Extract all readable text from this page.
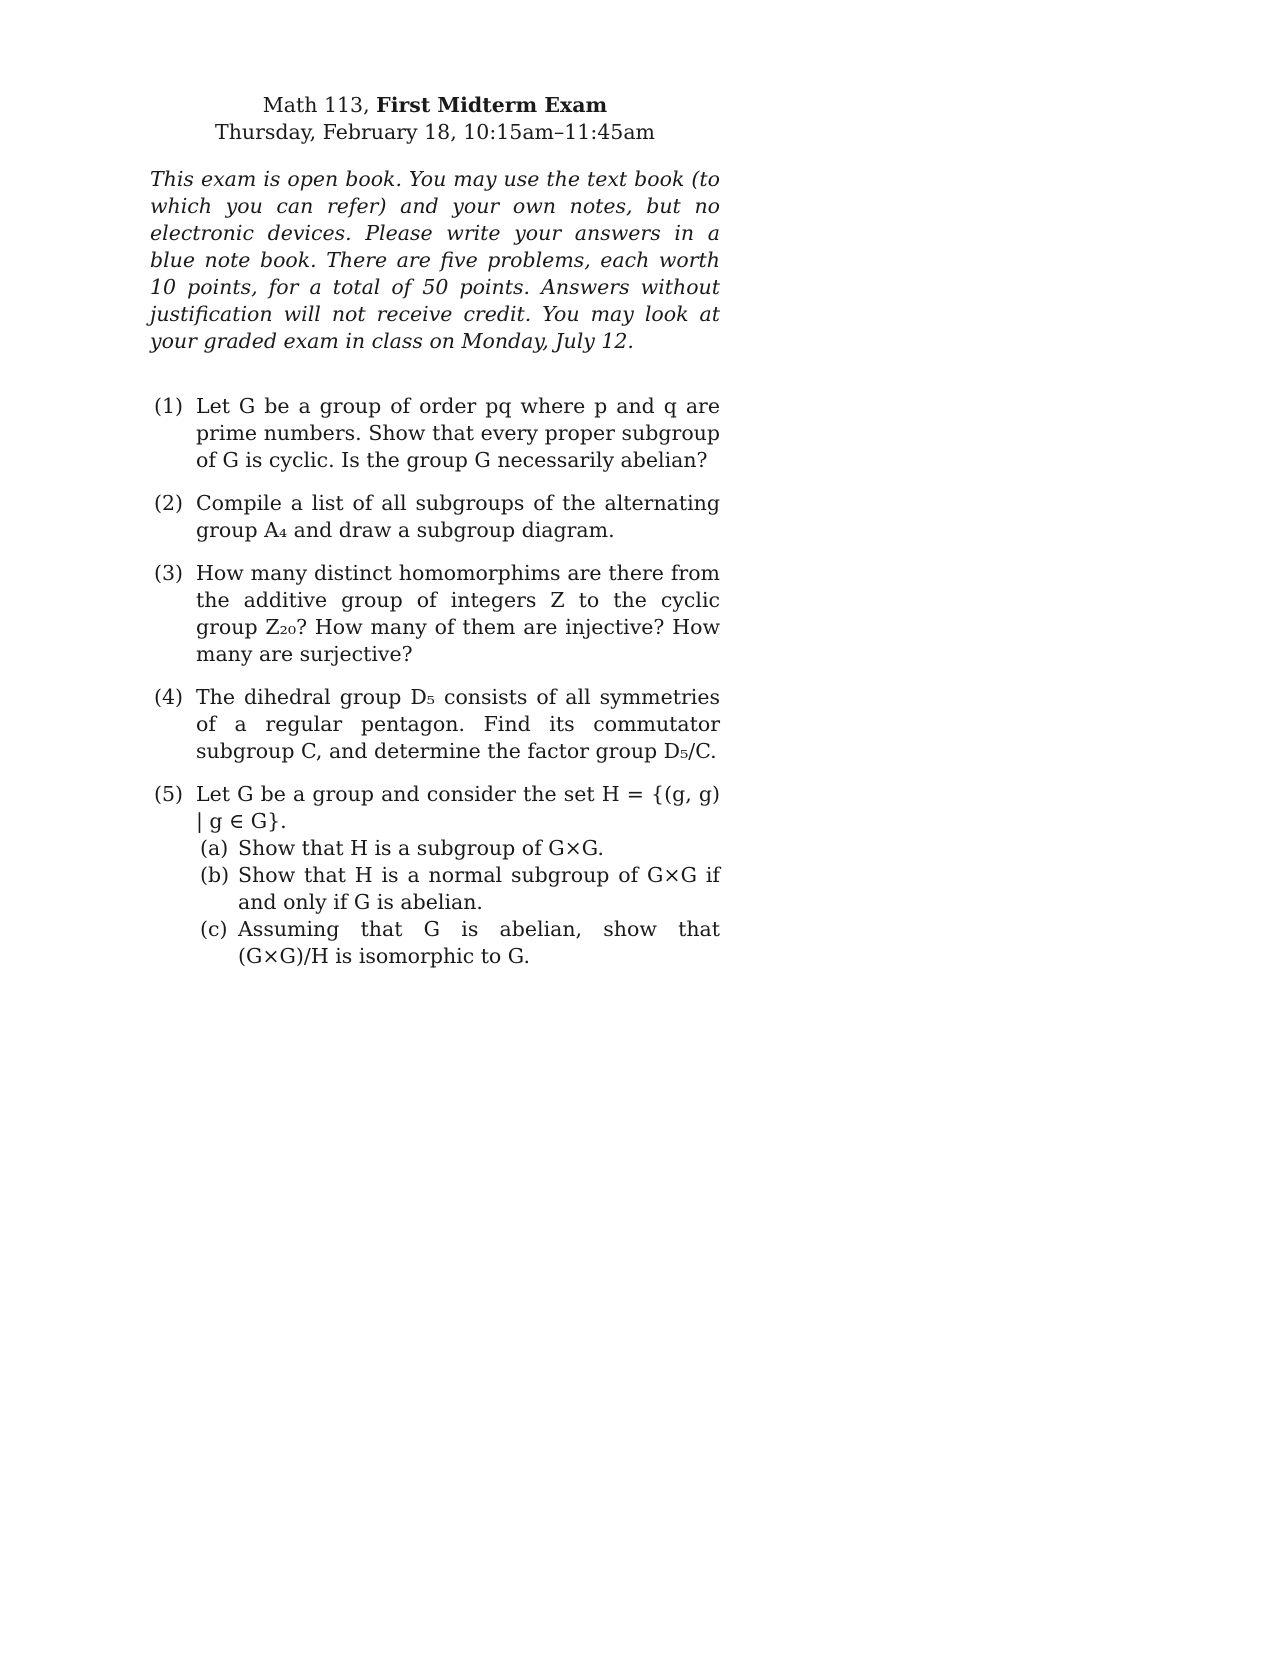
Math 113, First Midterm Exam
Thursday, February 18, 10:15am–11:45am

This exam is open book. You may use the text book (to which you can refer) and your own notes, but no electronic devices. Please write your answers in a blue note book. There are five problems, each worth 10 points, for a total of 50 points. Answers without justification will not receive credit. You may look at your graded exam in class on Monday, July 12.

(1) Let G be a group of order pq where p and q are prime numbers. Show that every proper subgroup of G is cyclic. Is the group G necessarily abelian?
(2) Compile a list of all subgroups of the alternating group A₄ and draw a subgroup diagram.
(3) How many distinct homomorphims are there from the additive group of integers Z to the cyclic group Z₂₀? How many of them are injective? How many are surjective?
(4) The dihedral group D₅ consists of all symmetries of a regular pentagon. Find its commutator subgroup C, and determine the factor group D₅/C.
(5) Let G be a group and consider the set H = {(g, g) | g ∈ G}.
(a) Show that H is a subgroup of G×G.
(b) Show that H is a normal subgroup of G×G if and only if G is abelian.
(c) Assuming that G is abelian, show that (G×G)/H is isomorphic to G.
